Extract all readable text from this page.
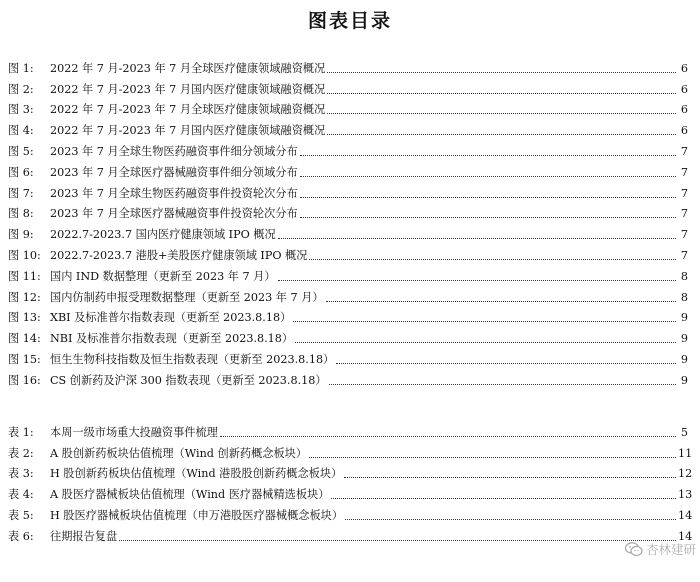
图表目录
图 1:	2022 年 7 月-2023 年 7 月全球医疗健康领域融资概况	6
图 2:	2022 年 7 月-2023 年 7 月国内医疗健康领域融资概况	6
图 3:	2022 年 7 月-2023 年 7 月全球医疗健康领域融资概况	6
图 4:	2022 年 7 月-2023 年 7 月国内医疗健康领域融资概况	6
图 5:	2023 年 7 月全球生物医药融资事件细分领域分布	7
图 6:	2023 年 7 月全球医疗器械融资事件细分领域分布	7
图 7:	2023 年 7 月全球生物医药融资事件投资轮次分布	7
图 8:	2023 年 7 月全球医疗器械融资事件投资轮次分布	7
图 9:	2022.7-2023.7 国内医疗健康领域 IPO 概况	7
图 10: 2022.7-2023.7 港股+美股医疗健康领域 IPO 概况	7
图 11: 国内 IND 数据整理（更新至 2023 年 7 月）	8
图 12: 国内仿制药申报受理数据整理（更新至 2023 年 7 月）	8
图 13: XBI 及标准普尔指数表现（更新至 2023.8.18）	9
图 14: NBI 及标准普尔指数表现（更新至 2023.8.18）	9
图 15: 恒生生物科技指数及恒生指数表现（更新至 2023.8.18）	9
图 16: CS 创新药及沪深 300 指数表现（更新至 2023.8.18）	9
表 1:	本周一级市场重大投融资事件梳理	5
表 2:	A 股创新药板块估值梳理（Wind 创新药概念板块）	11
表 3:	H 股创新药板块估值梳理（Wind 港股股创新药概念板块）	12
表 4:	A 股医疗器械板块估值梳理（Wind 医疗器械精选板块）	13
表 5:	H 股医疗器械板块估值梳理（申万港股医疗器械概念板块）	14
表 6:	往期报告复盘	14
杏林建研
